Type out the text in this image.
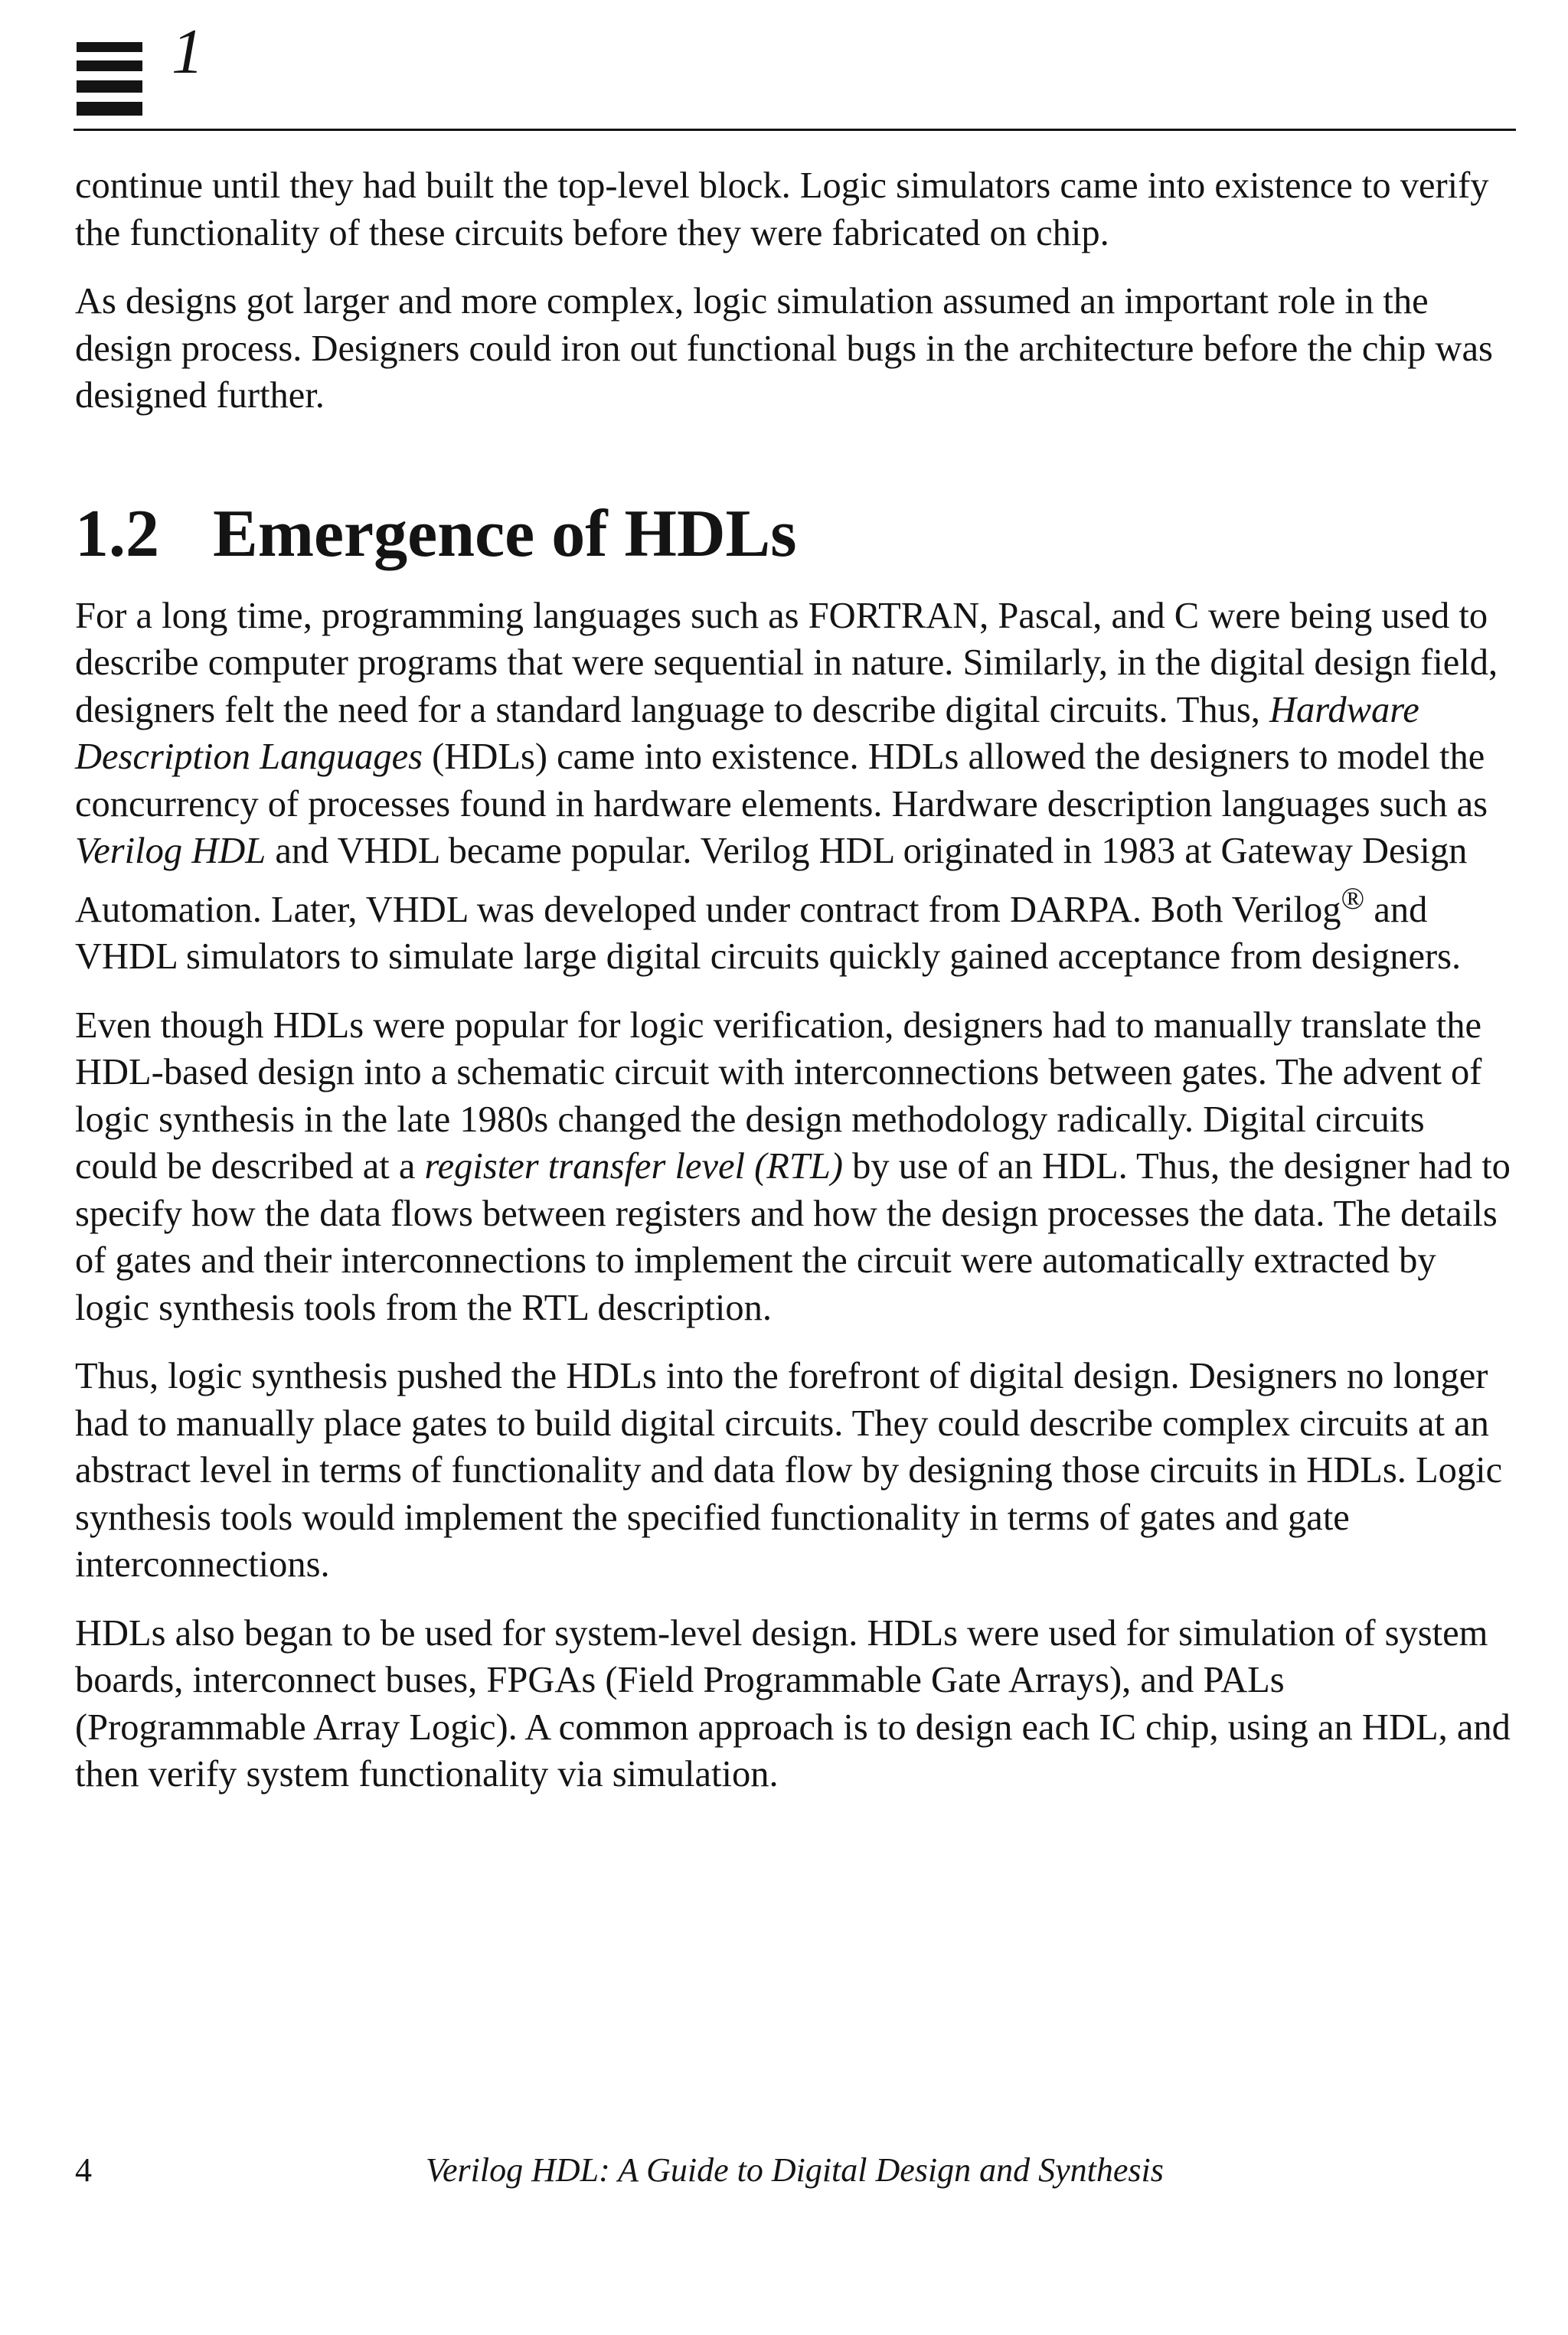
1

continue until they had built the top-level block. Logic simulators came into existence to verify the functionality of these circuits before they were fabricated on chip.

As designs got larger and more complex, logic simulation assumed an important role in the design process. Designers could iron out functional bugs in the architecture before the chip was designed further.

1.2 Emergence of HDLs

For a long time, programming languages such as FORTRAN, Pascal, and C were being used to describe computer programs that were sequential in nature. Similarly, in the digital design field, designers felt the need for a standard language to describe digital circuits. Thus, Hardware Description Languages (HDLs) came into existence. HDLs allowed the designers to model the concurrency of processes found in hardware elements. Hardware description languages such as Verilog HDL and VHDL became popular. Verilog HDL originated in 1983 at Gateway Design Automation. Later, VHDL was developed under contract from DARPA. Both Verilog® and VHDL simulators to simulate large digital circuits quickly gained acceptance from designers.

Even though HDLs were popular for logic verification, designers had to manually translate the HDL-based design into a schematic circuit with interconnections between gates. The advent of logic synthesis in the late 1980s changed the design methodology radically. Digital circuits could be described at a register transfer level (RTL) by use of an HDL. Thus, the designer had to specify how the data flows between registers and how the design processes the data. The details of gates and their interconnections to implement the circuit were automatically extracted by logic synthesis tools from the RTL description.

Thus, logic synthesis pushed the HDLs into the forefront of digital design. Designers no longer had to manually place gates to build digital circuits. They could describe complex circuits at an abstract level in terms of functionality and data flow by designing those circuits in HDLs. Logic synthesis tools would implement the specified functionality in terms of gates and gate interconnections.

HDLs also began to be used for system-level design. HDLs were used for simulation of system boards, interconnect buses, FPGAs (Field Programmable Gate Arrays), and PALs (Programmable Array Logic). A common approach is to design each IC chip, using an HDL, and then verify system functionality via simulation.

4	Verilog HDL: A Guide to Digital Design and Synthesis
